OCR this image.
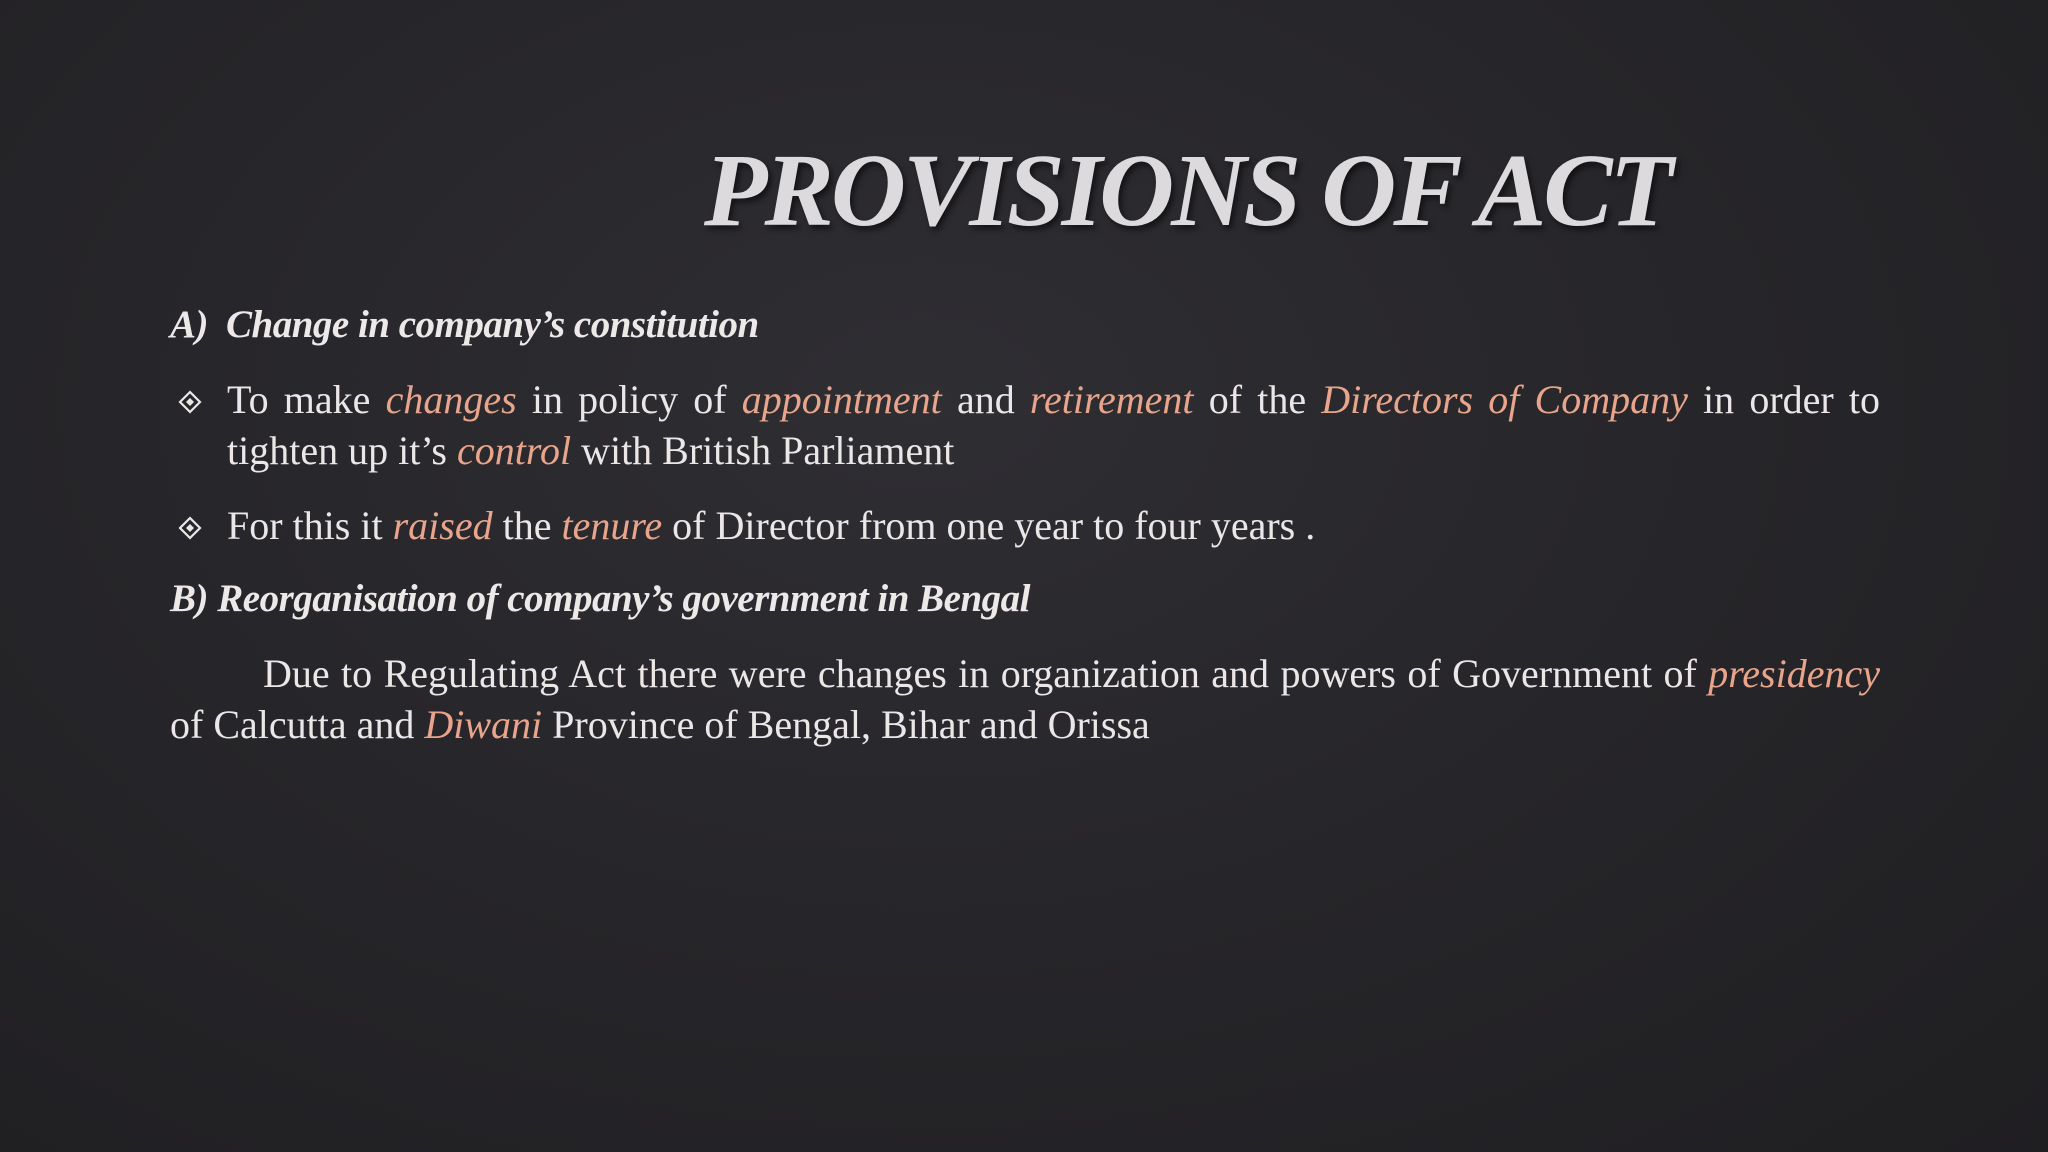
PROVISIONS OF ACT
A) Change in company’s constitution
To make changes in policy of appointment and retirement of the Directors of Company in order to tighten up it’s control with British Parliament
For this it raised the tenure of Director from one year to four years .
B) Reorganisation of company’s government in Bengal

Due to Regulating Act there were changes in organization and powers of Government of presidency of Calcutta and Diwani Province of Bengal, Bihar and Orissa
